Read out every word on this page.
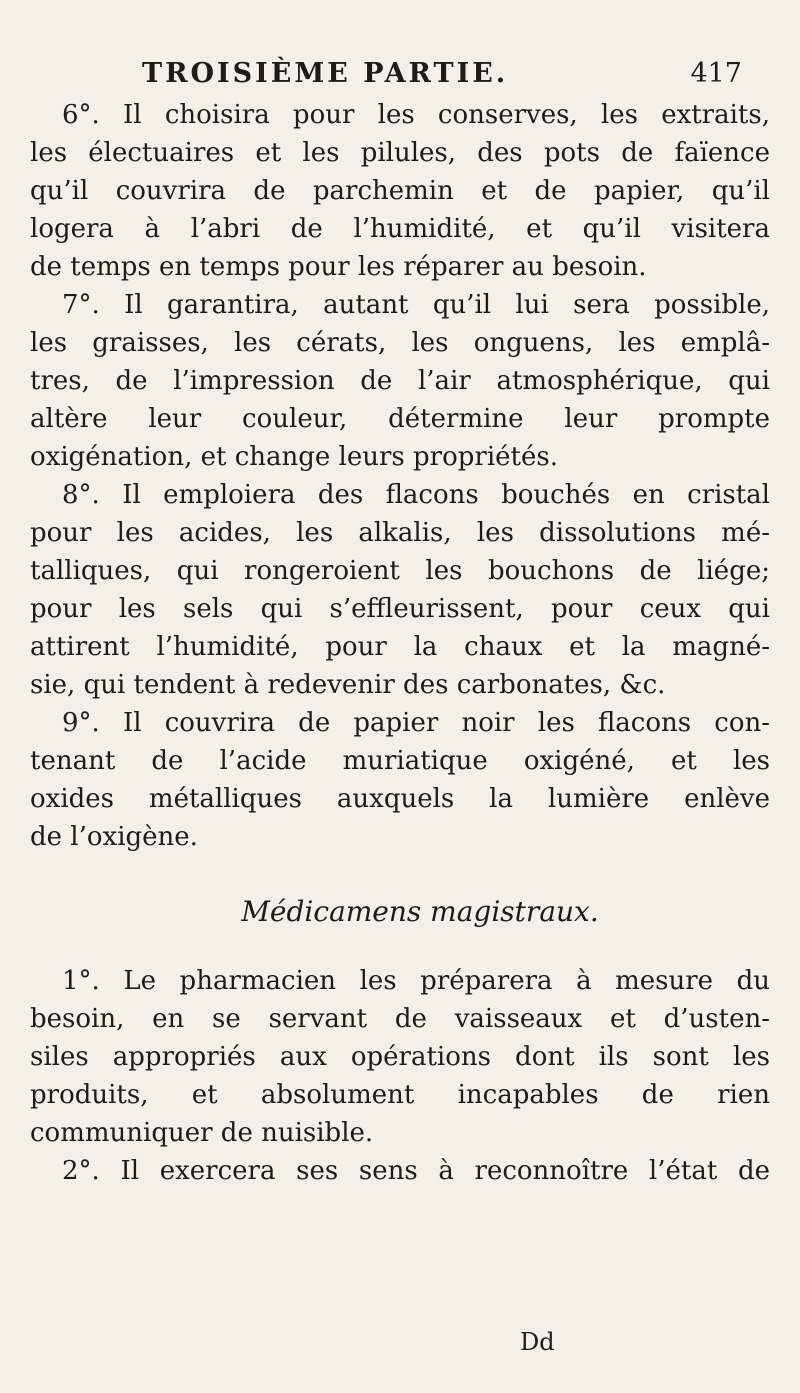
TROISIÈME PARTIE.	417
6°. Il choisira pour les conserves, les extraits,
les électuaires et les pilules, des pots de faïence
qu’il couvrira de parchemin et de papier, qu’il
logera à l’abri de l’humidité, et qu’il visitera
de temps en temps pour les réparer au besoin.
7°. Il garantira, autant qu’il lui sera possible,
les graisses, les cérats, les onguens, les emplâ-
tres, de l’impression de l’air atmosphérique, qui
altère leur couleur, détermine leur prompte
oxigénation, et change leurs propriétés.
8°. Il emploiera des flacons bouchés en cristal
pour les acides, les alkalis, les dissolutions mé-
talliques, qui rongeroient les bouchons de liége;
pour les sels qui s’effleurissent, pour ceux qui
attirent l’humidité, pour la chaux et la magné-
sie, qui tendent à redevenir des carbonates, &c.
9°. Il couvrira de papier noir les flacons con-
tenant de l’acide muriatique oxigéné, et les
oxides métalliques auxquels la lumière enlève
de l’oxigène.
Médicamens magistraux.
1°. Le pharmacien les préparera à mesure du
besoin, en se servant de vaisseaux et d’usten-
siles appropriés aux opérations dont ils sont les
produits, et absolument incapables de rien
communiquer de nuisible.
2°. Il exercera ses sens à reconnoître l’état de
Dd
